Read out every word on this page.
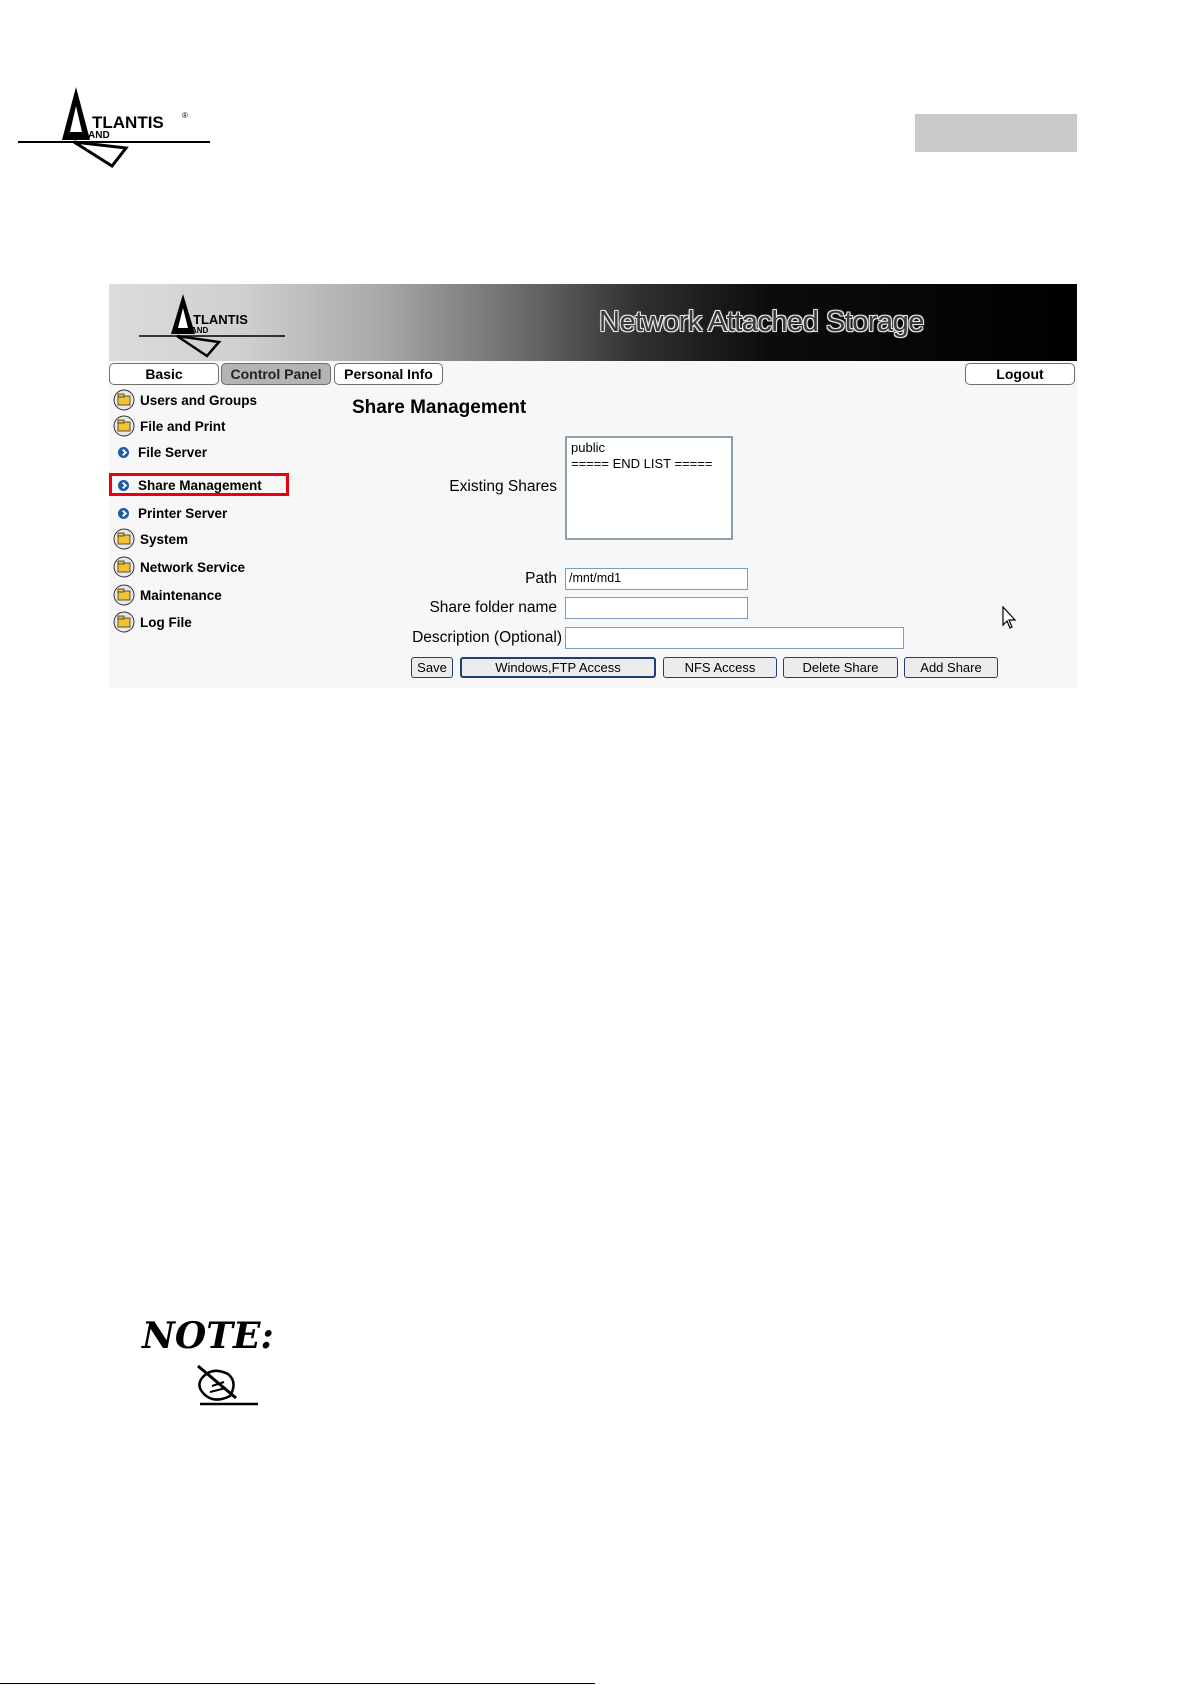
TLANTIS ®
AND
TLANTIS
AND	Network Attached Storage
Basic	Control Panel	Personal Info	Logout
Users and Groups
File and Print
File Server
Share Management
Printer Server
System
Network Service
Maintenance
Log File
Share Management
Existing Shares
public
===== END LIST =====
Path /mnt/md1
Share folder name
Description (Optional)
Save	Windows,FTP Access	NFS Access	Delete Share	Add Share
NOTE:
